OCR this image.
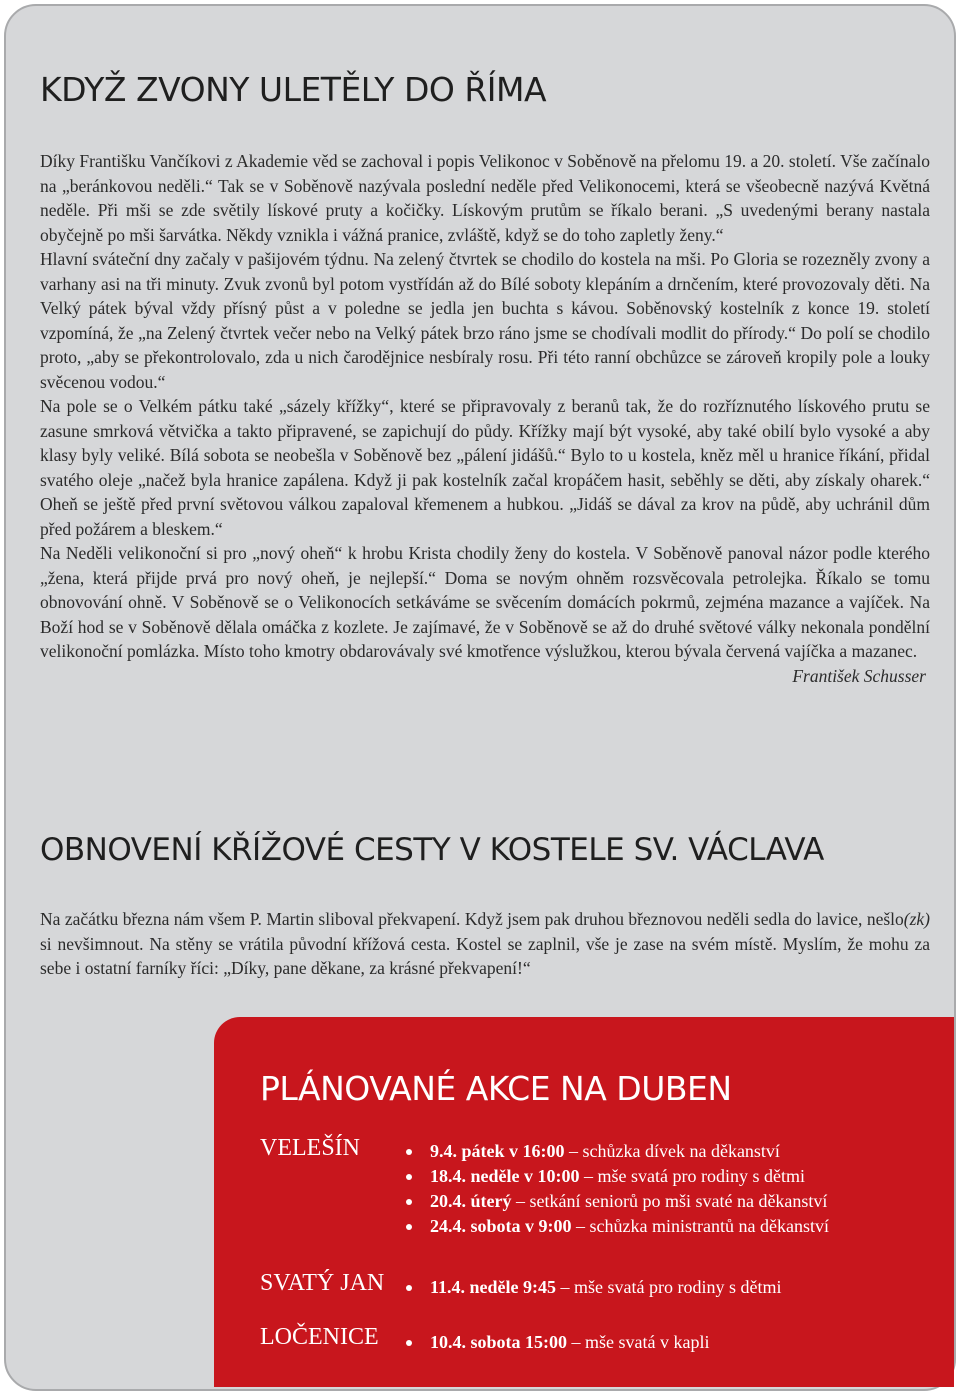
KDYŽ ZVONY ULETĚLY DO ŘÍMA

Díky Františku Vančíkovi z Akademie věd se zachoval i popis Velikonoc v Soběnově na přelomu 19. a 20. století. Vše začínalo na „beránkovou neděli.“ Tak se v Soběnově nazývala poslední neděle před Velikonocemi, která se všeobecně nazývá Květná neděle. Při mši se zde světily lískové pruty a kočičky. Lískovým prutům se říkalo berani. „S uvedenými berany nastala obyčejně po mši šarvátka. Někdy vznikla i vážná pranice, zvláště, když se do toho zapletly ženy.“

Hlavní sváteční dny začaly v pašijovém týdnu. Na zelený čtvrtek se chodilo do kostela na mši. Po Gloria se rozezněly zvony a varhany asi na tři minuty. Zvuk zvonů byl potom vystřídán až do Bílé soboty klepáním a drnčením, které provozovaly děti. Na Velký pátek býval vždy přísný půst a v poledne se jedla jen buchta s kávou. Soběnovský kostelník z konce 19. století vzpomíná, že „na Zelený čtvrtek večer nebo na Velký pátek brzo ráno jsme se chodívali modlit do přírody.“ Do polí se chodilo proto, „aby se překontrolovalo, zda u nich čarodějnice nesbíraly rosu. Při této ranní obchůzce se zároveň kropily pole a louky svěcenou vodou.“

Na pole se o Velkém pátku také „sázely křížky“, které se připravovaly z beranů tak, že do rozříznutého lískového prutu se zasune smrková větvička a takto připravené, se zapichují do půdy. Křížky mají být vysoké, aby také obilí bylo vysoké a aby klasy byly veliké. Bílá sobota se neobešla v Soběnově bez „pálení jidášů.“ Bylo to u kostela, kněz měl u hranice říkání, přidal svatého oleje „načež byla hranice zapálena. Když ji pak kostelník začal kropáčem hasit, seběhly se děti, aby získaly oharek.“ Oheň se ještě před první světovou válkou zapaloval křemenem a hubkou. „Jidáš se dával za krov na půdě, aby uchránil dům před požárem a bleskem.“

Na Neděli velikonoční si pro „nový oheň“ k hrobu Krista chodily ženy do kostela. V Soběnově panoval názor podle kterého „žena, která přijde prvá pro nový oheň, je nejlepší.“ Doma se novým ohněm rozsvěcovala petrolejka. Říkalo se tomu obnovování ohně. V Soběnově se o Velikonocích setkáváme se svěcením domácích pokrmů, zejména mazance a vajíček. Na Boží hod se v Soběnově dělala omáčka z kozlete. Je zajímavé, že v Soběnově se až do druhé světové války nekonala pondělní velikonoční pomlázka. Místo toho kmotry obdarovávaly své kmotřence výslužkou, kterou bývala červená vajíčka a mazanec.

František Schusser

OBNOVENÍ KŘÍŽOVÉ CESTY V KOSTELE SV. VÁCLAVA

(zk)
Na začátku března nám všem P. Martin sliboval překvapení. Když jsem pak druhou březnovou neděli sedla do lavice, nešlo si nevšimnout. Na stěny se vrátila původní křížová cesta. Kostel se zaplnil, vše je zase na svém místě. Myslím, že mohu za sebe i ostatní farníky říci: „Díky, pane děkane, za krásné překvapení!“

PLÁNOVANÉ AKCE NA DUBEN
VELEŠÍN	9.4. pátek v 16:00 – schůzka dívek na děkanství
18.4. neděle v 10:00 – mše svatá pro rodiny s dětmi
20.4. úterý – setkání seniorů po mši svaté na děkanství
24.4. sobota v 9:00 – schůzka ministrantů na děkanství
SVATÝ JAN	11.4. neděle 9:45 – mše svatá pro rodiny s dětmi
LOČENICE	10.4. sobota 15:00 – mše svatá v kapli
